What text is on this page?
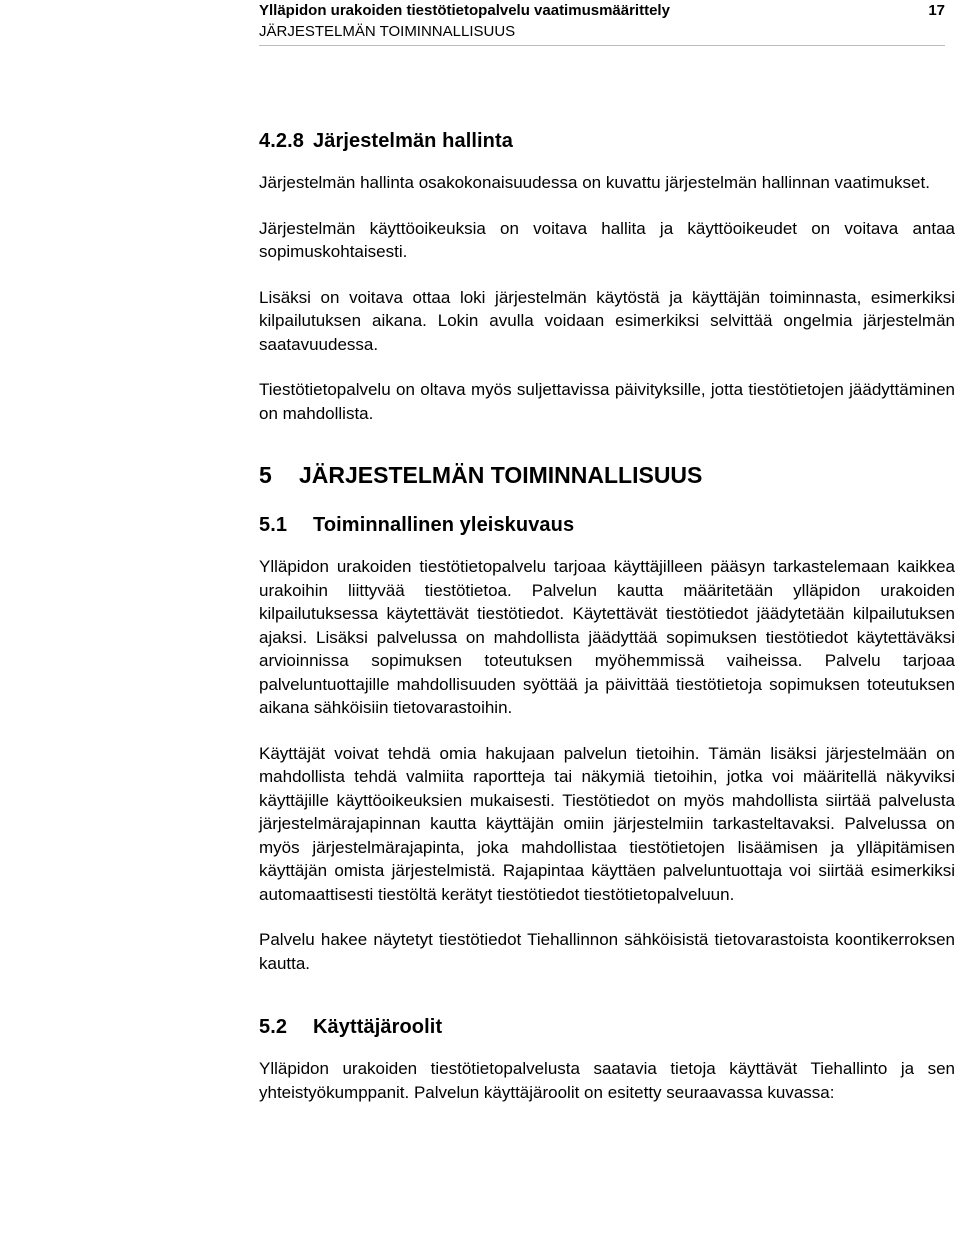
Ylläpidon urakoiden tiestötietopalvelu vaatimusmäärittely	17
JÄRJESTELMÄN TOIMINNALLISUUS
4.2.8 Järjestelmän hallinta

Järjestelmän hallinta osakokonaisuudessa on kuvattu järjestelmän hallinnan vaatimukset.

Järjestelmän käyttöoikeuksia on voitava hallita ja käyttöoikeudet on voitava antaa sopimuskohtaisesti.

Lisäksi on voitava ottaa loki järjestelmän käytöstä ja käyttäjän toiminnasta, esimerkiksi kilpailutuksen aikana. Lokin avulla voidaan esimerkiksi selvittää ongelmia järjestelmän saatavuudessa.

Tiestötietopalvelu on oltava myös suljettavissa päivityksille, jotta tiestötietojen jäädyttäminen on mahdollista.

5 JÄRJESTELMÄN TOIMINNALLISUUS
5.1 Toiminnallinen yleiskuvaus

Ylläpidon urakoiden tiestötietopalvelu tarjoaa käyttäjilleen pääsyn tarkastelemaan kaikkea urakoihin liittyvää tiestötietoa. Palvelun kautta määritetään ylläpidon urakoiden kilpailutuksessa käytettävät tiestötiedot. Käytettävät tiestötiedot jäädytetään kilpailutuksen ajaksi. Lisäksi palvelussa on mahdollista jäädyttää sopimuksen tiestötiedot käytettäväksi arvioinnissa sopimuksen toteutuksen myöhemmissä vaiheissa. Palvelu tarjoaa palveluntuottajille mahdollisuuden syöttää ja päivittää tiestötietoja sopimuksen toteutuksen aikana sähköisiin tietovarastoihin.

Käyttäjät voivat tehdä omia hakujaan palvelun tietoihin. Tämän lisäksi järjestelmään on mahdollista tehdä valmiita raportteja tai näkymiä tietoihin, jotka voi määritellä näkyviksi käyttäjille käyttöoikeuksien mukaisesti. Tiestötiedot on myös mahdollista siirtää palvelusta järjestelmärajapinnan kautta käyttäjän omiin järjestelmiin tarkasteltavaksi. Palvelussa on myös järjestelmärajapinta, joka mahdollistaa tiestötietojen lisäämisen ja ylläpitämisen käyttäjän omista järjestelmistä. Rajapintaa käyttäen palveluntuottaja voi siirtää esimerkiksi automaattisesti tiestöltä kerätyt tiestötiedot tiestötietopalveluun.

Palvelu hakee näytetyt tiestötiedot Tiehallinnon sähköisistä tietovarastoista koontikerroksen kautta.

5.2 Käyttäjäroolit

Ylläpidon urakoiden tiestötietopalvelusta saatavia tietoja käyttävät Tiehallinto ja sen yhteistyökumppanit. Palvelun käyttäjäroolit on esitetty seuraavassa kuvassa:
